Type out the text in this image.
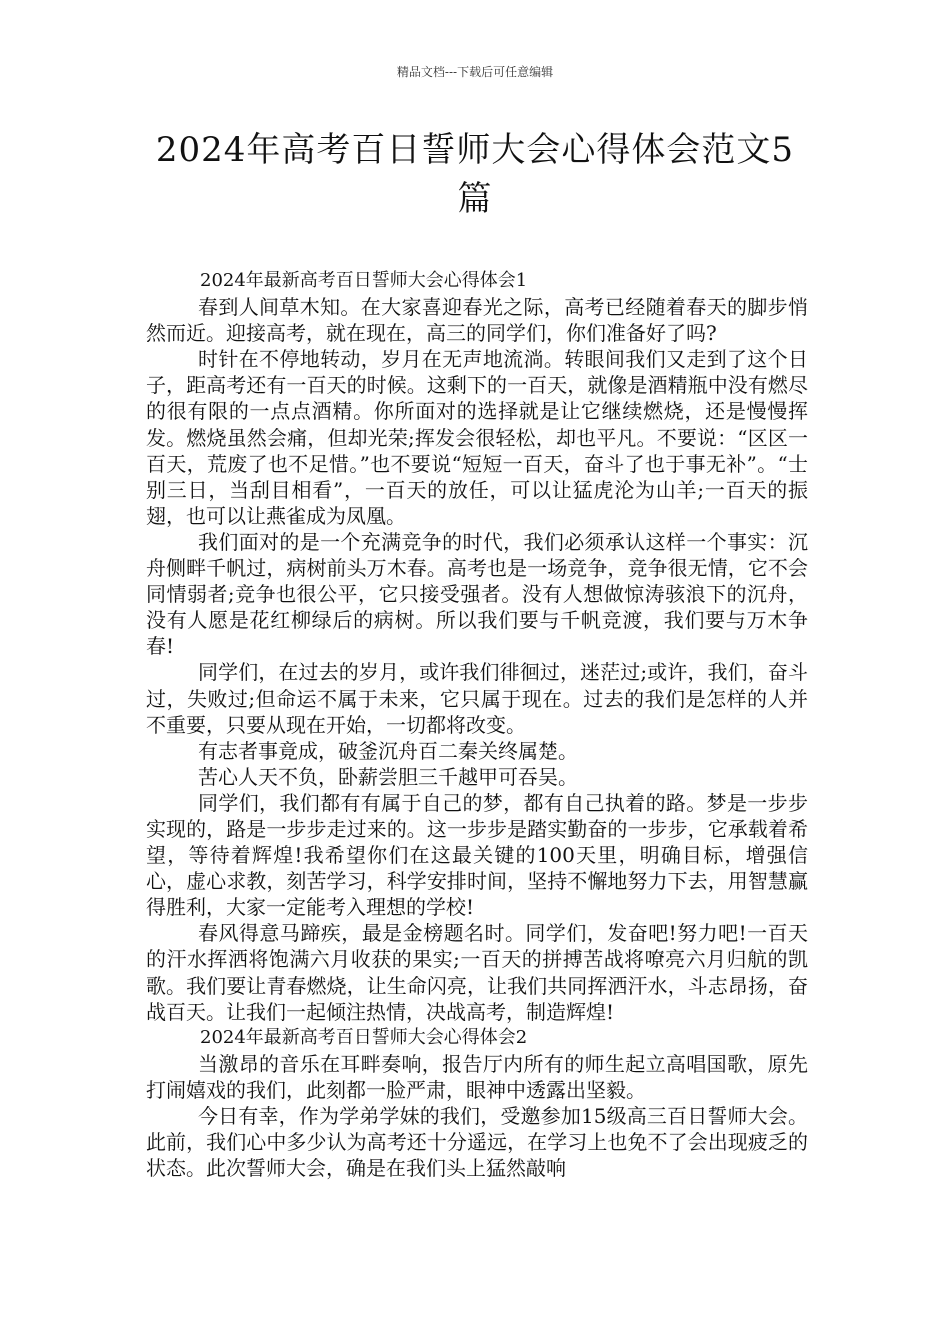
精品文档---下载后可任意编辑
2024年高考百日誓师大会心得体会范文5篇
2024年最新高考百日誓师大会心得体会1

春到人间草木知。在大家喜迎春光之际，高考已经随着春天的脚步悄然而近。迎接高考，就在现在，高三的同学们，你们准备好了吗?

时针在不停地转动，岁月在无声地流淌。转眼间我们又走到了这个日子，距高考还有一百天的时候。这剩下的一百天，就像是酒精瓶中没有燃尽的很有限的一点点酒精。你所面对的选择就是让它继续燃烧，还是慢慢挥发。燃烧虽然会痛，但却光荣;挥发会很轻松，却也平凡。不要说：“区区一百天，荒废了也不足惜。”也不要说“短短一百天，奋斗了也于事无补”。“士别三日，当刮目相看”，一百天的放任，可以让猛虎沦为山羊;一百天的振翅，也可以让燕雀成为凤凰。

我们面对的是一个充满竞争的时代，我们必须承认这样一个事实：沉舟侧畔千帆过，病树前头万木春。高考也是一场竞争，竞争很无情，它不会同情弱者;竞争也很公平，它只接受强者。没有人想做惊涛骇浪下的沉舟，没有人愿是花红柳绿后的病树。所以我们要与千帆竞渡，我们要与万木争春!

同学们，在过去的岁月，或许我们徘徊过，迷茫过;或许，我们，奋斗过，失败过;但命运不属于未来，它只属于现在。过去的我们是怎样的人并不重要，只要从现在开始，一切都将改变。

有志者事竟成，破釜沉舟百二秦关终属楚。

苦心人天不负，卧薪尝胆三千越甲可吞吴。

同学们，我们都有有属于自己的梦，都有自己执着的路。梦是一步步实现的，路是一步步走过来的。这一步步是踏实勤奋的一步步，它承载着希望，等待着辉煌!我希望你们在这最关键的100天里，明确目标，增强信心，虚心求教，刻苦学习，科学安排时间，坚持不懈地努力下去，用智慧赢得胜利，大家一定能考入理想的学校!

春风得意马蹄疾，最是金榜题名时。同学们，发奋吧!努力吧!一百天的汗水挥洒将饱满六月收获的果实;一百天的拼搏苦战将嘹亮六月归航的凯歌。我们要让青春燃烧，让生命闪亮，让我们共同挥洒汗水，斗志昂扬，奋战百天。让我们一起倾注热情，决战高考，制造辉煌!

2024年最新高考百日誓师大会心得体会2

当激昂的音乐在耳畔奏响，报告厅内所有的师生起立高唱国歌，原先打闹嬉戏的我们，此刻都一脸严肃，眼神中透露出坚毅。

今日有幸，作为学弟学妹的我们，受邀参加15级高三百日誓师大会。此前，我们心中多少认为高考还十分遥远，在学习上也免不了会出现疲乏的状态。此次誓师大会，确是在我们头上猛然敲响
